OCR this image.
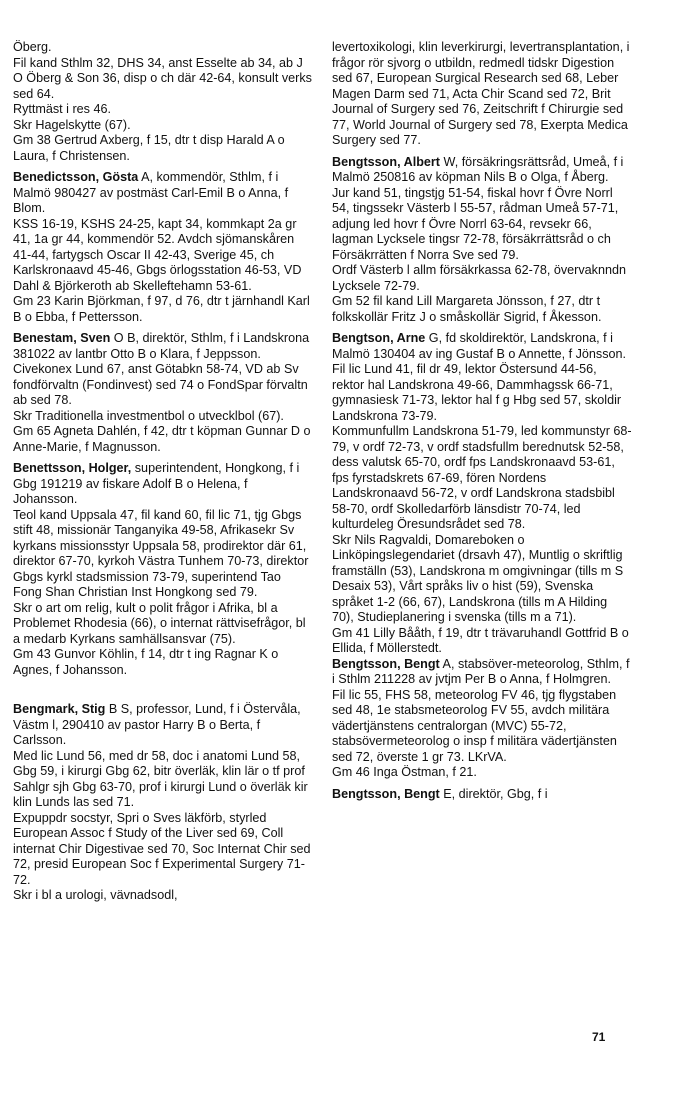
Öberg.

Fil kand Sthlm 32, DHS 34, anst Esselte ab 34, ab J O Öberg & Son 36, disp o ch där 42-64, konsult verks sed 64.

Ryttmäst i res 46.

Skr Hagelskytte (67).

Gm 38 Gertrud Axberg, f 15, dtr t disp Harald A o Laura, f Christensen.

Benedictsson, Gösta A, kommendör, Sthlm, f i Malmö 980427 av postmäst Carl-Emil B o Anna, f Blom.

KSS 16-19, KSHS 24-25, kapt 34, kommkapt 2a gr 41, 1a gr 44, kommendör 52. Avdch sjömanskåren 41-44, fartygsch Oscar II 42-43, Sverige 45, ch Karlskronaavd 45-46, Gbgs örlogsstation 46-53, VD Dahl & Björkeroth ab Skellefteham​n 53-61.

Gm 23 Karin Björkman, f 97, d 76, dtr t järnhandl Karl B o Ebba, f Pettersson.

Benestam, Sven O B, direktör, Sthlm, f i Landskrona 381022 av lantbr Otto B o Klara, f Jeppsson.

Civekonex Lund 67, anst Götabkn 58-74, VD ab Sv fondförvaltn (Fondinvest) sed 74 o FondSpar förvaltn ab sed 78.

Skr Traditionella investmentbol o utvecklbol (67).

Gm 65 Agneta Dahlén, f 42, dtr t köpman Gunnar D o Anne-Marie, f Magnusson.

Benettsson, Holger, superintendent, Hongkong, f i Gbg 191219 av fiskare Adolf B o Helena, f Johansson.

Teol kand Uppsala 47, fil kand 60, fil lic 71, tjg Gbgs stift 48, missionär Tanganyika 49-58, Afrikasekr Sv kyrkans missionsstyr Uppsala 58, prodirektor där 61, direktor 67-70, kyrkoh Västra Tunhem 70-73, direktor Gbgs kyrkl stadsmission 73-79, superintend Tao Fong Shan Christian Inst Hongkong sed 79.

Skr o art om relig, kult o polit frågor i Afrika, bl a Problemet Rhodesia (66), o internat rättvisefrågor, bl a medarb Kyrkans samhällsansvar (75).

Gm 43 Gunvor Köhlin, f 14, dtr t ing Ragnar K o Agnes, f Johansson.

Bengmark, Stig B S, professor, Lund, f i Östervåla, Västm l, 290410 av pastor Harry B o Berta, f Carlsson.

Med lic Lund 56, med dr 58, doc i anatomi Lund 58, Gbg 59, i kirurgi Gbg 62, bitr överläk, klin lär o tf prof Sahlgr sjh Gbg 63-70, prof i kirurgi Lund o överläk kir klin Lunds las sed 71.

Expuppdr socstyr, Spri o Sves läkförb, styrled European Assoc f Study of the Liver sed 69, Coll internat Chir Digestivae sed 70, Soc Internat Chir sed 72, presid European Soc f Experimental Surgery 71-72.

Skr i bl a urologi, vävnadsodl,

levertoxikologi, klin leverkirurgi, levertransplantation, i frågor rör sjvorg o utbildn, redmedl tidskr Digestion sed 67, European Surgical Research sed 68, Leber Magen Darm sed 71, Acta Chir Scand sed 72, Brit Journal of Surgery sed 76, Zeitschrift f Chirurgie sed 77, World Journal of Surgery sed 78, Exerpta Medica Surgery sed 77.

Bengtsson, Albert W, försäkringsrättsråd, Umeå, f i Malmö 250816 av köpman Nils B o Olga, f Åberg.

Jur kand 51, tingstjg 51-54, fiskal hovr f Övre Norrl 54, tingssekr Västerb l 55-57, rådman Umeå 57-71, adjung led hovr f Övre Norrl 63-64, revsekr 66, lagman Lycksele tingsr 72-78, försäkrrättsråd o ch Försäkrrätten f Norra Sve sed 79.

Ordf Västerb l allm försäkrkassa 62-78, övervaknndn Lycksele 72-79.

Gm 52 fil kand Lill Margareta Jönsson, f 27, dtr t folkskollär Fritz J o småskollär Sigrid, f Åkesson.

Bengtson, Arne G, fd skoldirektör, Landskrona, f i Malmö 130404 av ing Gustaf B o Annette, f Jönsson.

Fil lic Lund 41, fil dr 49, lektor Östersund 44-56, rektor hal Landskrona 49-66, Dammhagssk 66-71, gymnasiesk 71-73, lektor hal f g Hbg sed 57, skoldir Landskrona 73-79.

Kommunfullm Landskrona 51-79, led kommunstyr 68-79, v ordf 72-73, v ordf stadsfullm berednutsk 52-58, dess valutsk 65-70, ordf fps Landskronaavd 53-61, fps fyrstadskrets 67-69, fören Nordens Landskronaavd 56-72, v ordf Landskrona stadsbibl 58-70, ordf Skolledarförb länsdistr 70-74, led kulturdeleg Öresundsrådet sed 78.

Skr Nils Ragvaldi, Domareboken o Linköpingslegendariet (drsavh 47), Muntlig o skriftlig framställn (53), Landskrona m omgivningar (tills m S Desaix 53), Vårt språks liv o hist (59), Svenska språket 1-2 (66, 67), Landskrona (tills m A Hilding 70), Studieplanering i svenska (tills m a 71).

Gm 41 Lilly Bååth, f 19, dtr t trävaruhandl Gottfrid B o Ellida, f Möllerstedt.

Bengtsson, Bengt A, stabsöver-meteorolog, Sthlm, f i Sthlm 211228 av jvtjm Per B o Anna, f Holmgren.

Fil lic 55, FHS 58, meteorolog FV 46, tjg flygstaben sed 48, 1e stabsmeteorolog FV 55, avdch militära vädertjänstens centralorgan (MVC) 55-72, stabsövermeteorolog o insp f militära vädertjänsten sed 72, överste 1 gr 73. LKrVA.

Gm 46 Inga Östman, f 21.

Bengtsson, Bengt E, direktör, Gbg, f i

71
